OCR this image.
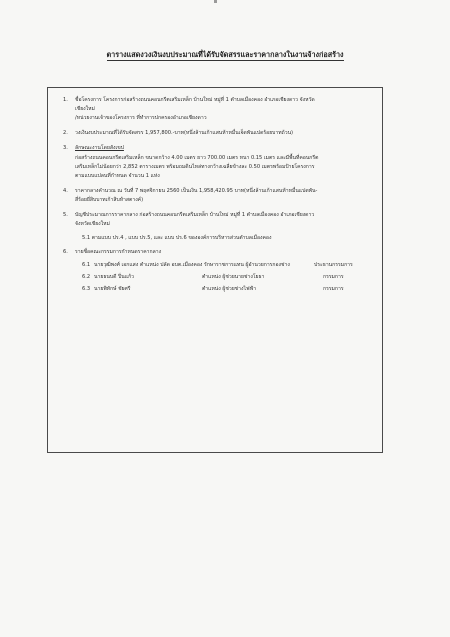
ตารางแสดงวงเงินงบประมาณที่ได้รับจัดสรรและราคากลางในงานจ้างก่อสร้าง
1. ชื่อโครงการ โครงการก่อสร้างถนนคอนกรีตเสริมเหล็ก บ้านใหม่ หมู่ที่ 1 ตำบลเมืองคอง อำเภอเชียงดาว จังหวัด
เชียงใหม่
/หน่วยงานเจ้าของโครงการ ที่ทำการปกครองอำเภอเชียงดาว
2. วงเงินงบประมาณที่ได้รับจัดสรร 1,957,800.-บาท(หนึ่งล้านเก้าแสนห้าหมื่นเจ็ดพันแปดร้อยบาทถ้วน)
3. ลักษณะงานโดยสังเขป
ก่อสร้างถนนคอนกรีตเสริมเหล็ก ขนาดกว้าง 4.00 เมตร ยาว 700.00 เมตร หนา 0.15 เมตร และมีพื้นที่คอนกรีต
เสริมเหล็กไม่น้อยกว่า 2,852 ตารางเมตร พร้อมถมดินไหล่ทางกว้างเฉลี่ยข้างละ 0.50 เมตรพร้อมป้ายโครงการ
ตามแบบแปลนที่กำหนด จำนวน 1 แห่ง
4. ราคากลางคำนวณ ณ วันที่ 7 พฤศจิกายน 2560 เป็นเงิน 1,958,420.95 บาท(หนึ่งล้านเก้าแสนห้าหมื่นแปดพัน-
สี่ร้อยยี่สิบบาทเก้าสิบห้าสตางค์)
5. บัญชีประมาณการราคากลาง ก่อสร้างถนนคอนกรีตเสริมเหล็ก บ้านใหม่ หมู่ที่ 1 ตำบลเมืองคอง อำเภอเชียงดาว
จังหวัดเชียงใหม่
5.1 ตามแบบ ปร.4 , แบบ ปร.5, และ แบบ ปร.6 ขององค์การบริหารส่วนตำบลเมืองคอง
6. รายชื่อคณะกรรมการกำหนดราคากลาง
6.1 นายวุฒิพงศ์ เอกแสง ตำแหน่ง ปลัด อบต.เมืองคอง รักษาราชการแทน ผู้อำนวยการกองช่าง	ประธานกรรมการ
6.2 นายธนบดี ปิ่นแก้ว	ตำแหน่ง ผู้ช่วยนายช่างโยธา	กรรมการ
6.3 นายพิทักษ์ ชัยศรี	ตำแหน่ง ผู้ช่วยช่างไฟฟ้า	กรรมการ
